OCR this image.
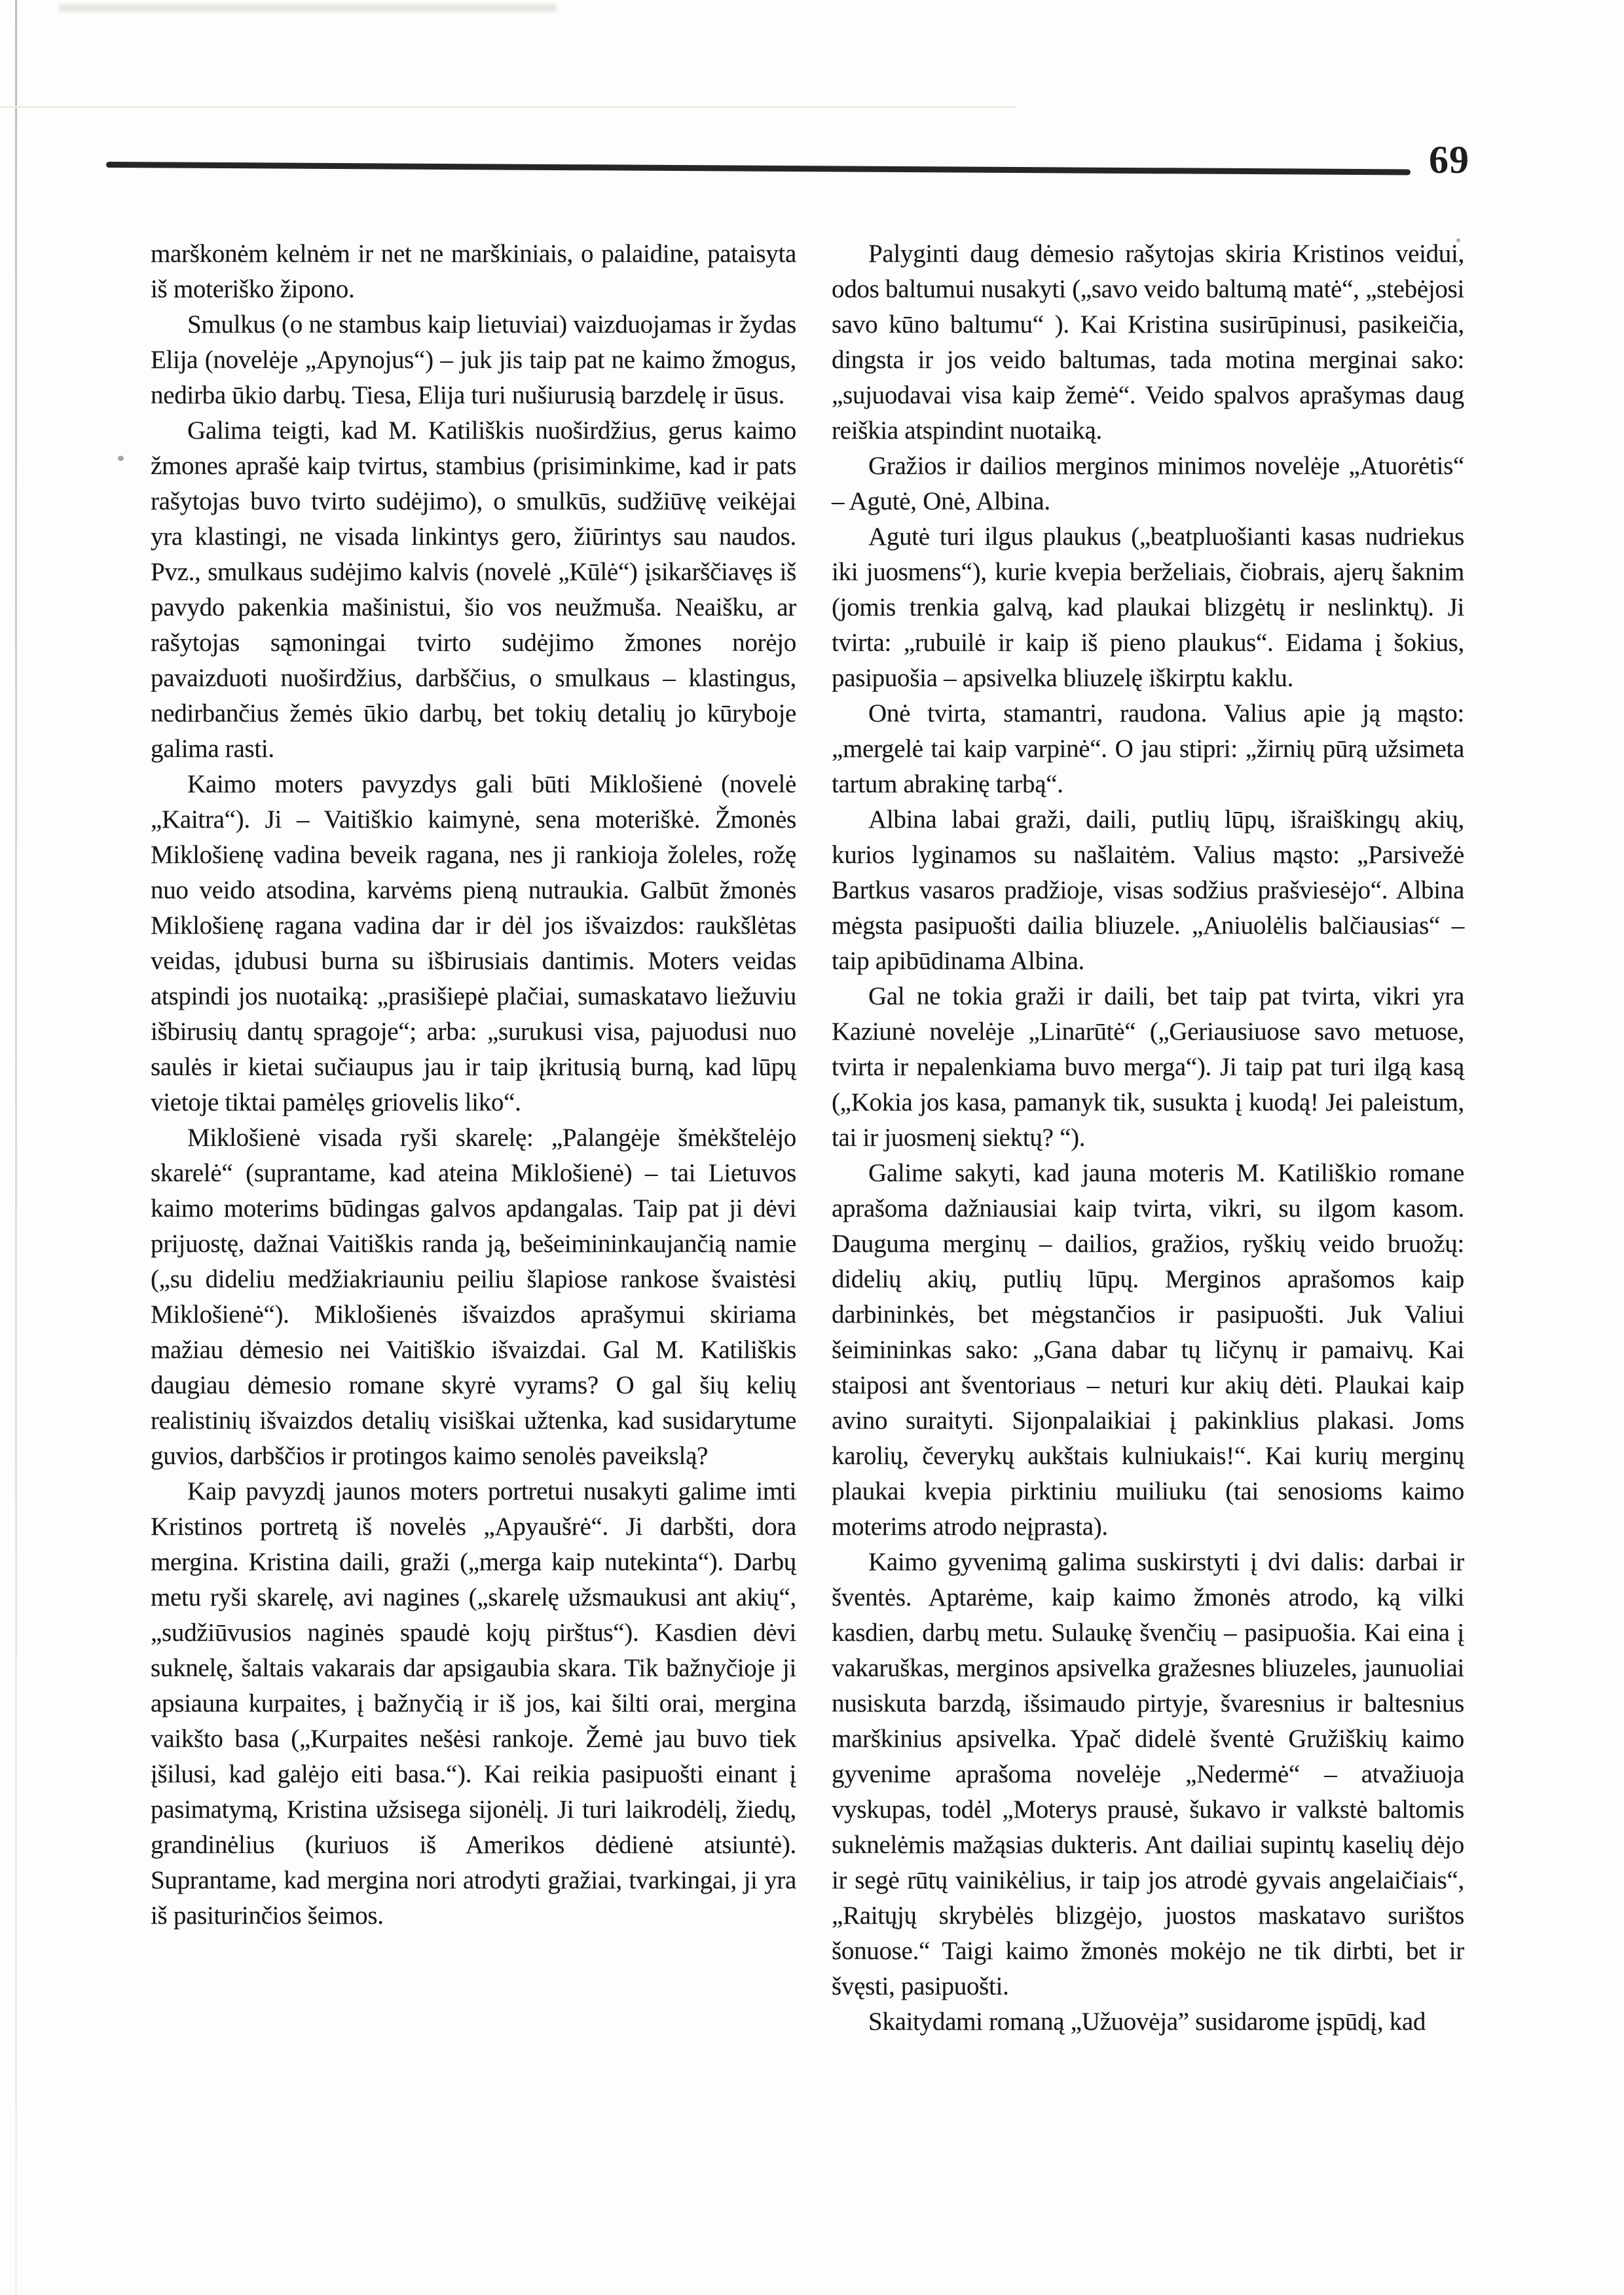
69

marškonėm kelnėm ir net ne marškiniais, o palaidine, pataisyta iš moteriško žipono.

Smulkus (o ne stambus kaip lietuviai) vaizduojamas ir žydas Elija (novelėje „Apynojus“) – juk jis taip pat ne kaimo žmogus, nedirba ūkio darbų. Tiesa, Elija turi nušiurusią barzdelę ir ūsus.

Galima teigti, kad M. Katiliškis nuoširdžius, gerus kaimo žmones aprašė kaip tvirtus, stambius (prisiminkime, kad ir pats rašytojas buvo tvirto sudėjimo), o smulkūs, sudžiūvę veikėjai yra klastingi, ne visada linkintys gero, žiūrintys sau naudos. Pvz., smulkaus sudėjimo kalvis (novelė „Kūlė“) įsikarščiavęs iš pavydo pakenkia mašinistui, šio vos neužmuša. Neaišku, ar rašytojas sąmoningai tvirto sudėjimo žmones norėjo pavaizduoti nuoširdžius, darbščius, o smulkaus – klastingus, nedirbančius žemės ūkio darbų, bet tokių detalių jo kūryboje galima rasti.

Kaimo moters pavyzdys gali būti Miklošienė (novelė „Kaitra“). Ji – Vaitiškio kaimynė, sena moteriškė. Žmonės Miklošienę vadina beveik ragana, nes ji rankioja žoleles, rožę nuo veido atsodina, karvėms pieną nutraukia. Galbūt žmonės Miklošienę ragana vadina dar ir dėl jos išvaizdos: raukšlėtas veidas, įdubusi burna su išbirusiais dantimis. Moters veidas atspindi jos nuotaiką: „prasišiepė plačiai, sumaskatavo liežuviu išbirusių dantų spragoje“; arba: „surukusi visa, pajuodusi nuo saulės ir kietai sučiaupus jau ir taip įkritusią burną, kad lūpų vietoje tiktai pamėlęs griovelis liko“.

Miklošienė visada ryši skarelę: „Palangėje šmėkštelėjo skarelė“ (suprantame, kad ateina Miklošienė) – tai Lietuvos kaimo moterims būdingas galvos apdangalas. Taip pat ji dėvi prijuostę, dažnai Vaitiškis randa ją, bešeimininkaujančią namie („su dideliu medžiakriauniu peiliu šlapiose rankose švaistėsi Miklošienė“). Miklošienės išvaizdos aprašymui skiriama mažiau dėmesio nei Vaitiškio išvaizdai. Gal M. Katiliškis daugiau dėmesio romane skyrė vyrams? O gal šių kelių realistinių išvaizdos detalių visiškai užtenka, kad susidarytume guvios, darbščios ir protingos kaimo senolės paveikslą?

Kaip pavyzdį jaunos moters portretui nusakyti galime imti Kristinos portretą iš novelės „Apyaušrė“. Ji darbšti, dora mergina. Kristina daili, graži („merga kaip nutekinta“). Darbų metu ryši skarelę, avi nagines („skarelę užsmaukusi ant akių“, „sudžiūvusios naginės spaudė kojų pirštus“). Kasdien dėvi suknelę, šaltais vakarais dar apsigaubia skara. Tik bažnyčioje ji apsiauna kurpaites, į bažnyčią ir iš jos, kai šilti orai, mergina vaikšto basa („Kurpaites nešėsi rankoje. Žemė jau buvo tiek įšilusi, kad galėjo eiti basa.“). Kai reikia pasipuošti einant į pasimatymą, Kristina užsisega sijonėlį. Ji turi laikrodėlį, žiedų, grandinėlius (kuriuos iš Amerikos dėdienė atsiuntė). Suprantame, kad mergina nori atrodyti gražiai, tvarkingai, ji yra iš pasiturinčios šeimos.

Palyginti daug dėmesio rašytojas skiria Kristinos veidui, odos baltumui nusakyti („savo veido baltumą matė“, „stebėjosi savo kūno baltumu“ ). Kai Kristina susirūpinusi, pasikeičia, dingsta ir jos veido baltumas, tada motina merginai sako: „sujuodavai visa kaip žemė“. Veido spalvos aprašymas daug reiškia atspindint nuotaiką.

Gražios ir dailios merginos minimos novelėje „Atuorėtis“ – Agutė, Onė, Albina.

Agutė turi ilgus plaukus („beatpluošianti kasas nudriekus iki juosmens“), kurie kvepia berželiais, čiobrais, ajerų šaknim (jomis trenkia galvą, kad plaukai blizgėtų ir neslinktų). Ji tvirta: „rubuilė ir kaip iš pieno plaukus“. Eidama į šokius, pasipuošia – apsivelka bliuzelę iškirptu kaklu.

Onė tvirta, stamantri, raudona. Valius apie ją mąsto: „mergelė tai kaip varpinė“. O jau stipri: „žirnių pūrą užsimeta tartum abrakinę tarbą“.

Albina labai graži, daili, putlių lūpų, išraiškingų akių, kurios lyginamos su našlaitėm. Valius mąsto: „Parsivežė Bartkus vasaros pradžioje, visas sodžius prašviesėjo“. Albina mėgsta pasipuošti dailia bliuzele. „Aniuolėlis balčiausias“ – taip apibūdinama Albina.

Gal ne tokia graži ir daili, bet taip pat tvirta, vikri yra Kaziunė novelėje „Linarūtė“ („Geriausiuose savo metuose, tvirta ir nepalenkiama buvo merga“). Ji taip pat turi ilgą kasą („Kokia jos kasa, pamanyk tik, susukta į kuodą! Jei paleistum, tai ir juosmenį siektų? “).

Galime sakyti, kad jauna moteris M. Katiliškio romane aprašoma dažniausiai kaip tvirta, vikri, su ilgom kasom. Dauguma merginų – dailios, gražios, ryškių veido bruožų: didelių akių, putlių lūpų. Merginos aprašomos kaip darbininkės, bet mėgstančios ir pasipuošti. Juk Valiui šeimininkas sako: „Gana dabar tų ličynų ir pamaivų. Kai staiposi ant šventoriaus – neturi kur akių dėti. Plaukai kaip avino suraityti. Sijonpalaikiai į pakinklius plakasi. Joms karolių, čeverykų aukštais kulniukais!“. Kai kurių merginų plaukai kvepia pirktiniu muiliuku (tai senosioms kaimo moterims atrodo neįprasta).

Kaimo gyvenimą galima suskirstyti į dvi dalis: darbai ir šventės. Aptarėme, kaip kaimo žmonės atrodo, ką vilki kasdien, darbų metu. Sulaukę švenčių – pasipuošia. Kai eina į vakaruškas, merginos apsivelka gražesnes bliuzeles, jaunuoliai nusiskuta barzdą, išsimaudo pirtyje, švaresnius ir baltesnius marškinius apsivelka. Ypač didelė šventė Gružiškių kaimo gyvenime aprašoma novelėje „Nedermė“ – atvažiuoja vyskupas, todėl „Moterys prausė, šukavo ir valkstė baltomis suknelėmis mažąsias dukteris. Ant dailiai supintų kaselių dėjo ir segė rūtų vainikėlius, ir taip jos atrodė gyvais angelaičiais“, „Raitųjų skrybėlės blizgėjo, juostos maskatavo surištos šonuose.“ Taigi kaimo žmonės mokėjo ne tik dirbti, bet ir švęsti, pasipuošti.

Skaitydami romaną „Užuovėja” susidarome įspūdį, kad
